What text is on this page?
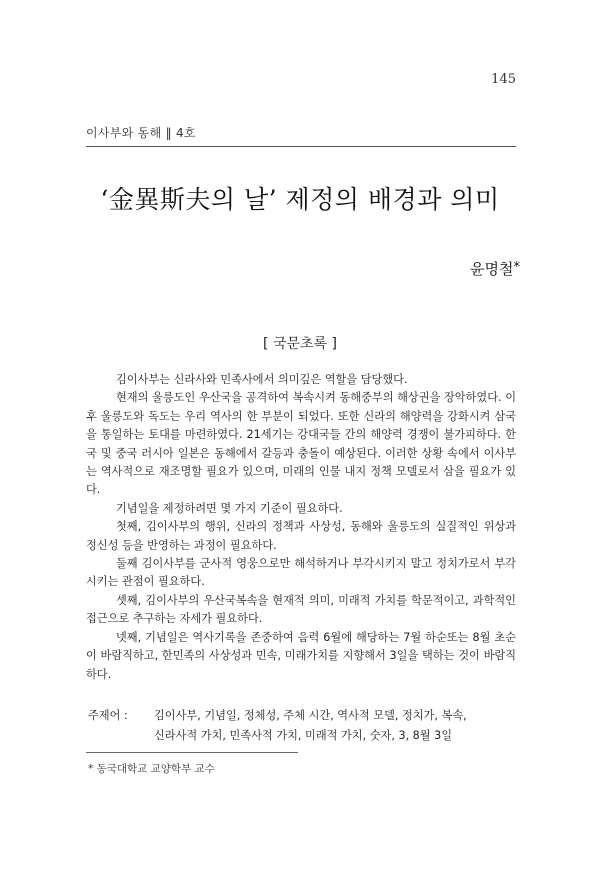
145
이사부와 동해 ‖ 4호
‘金異斯夫의 날’ 제정의 배경과 의미
윤명철*
[ 국문초록 ]

김이사부는 신라사와 민족사에서 의미깊은 역할을 담당했다.

현재의 울릉도인 우산국을 공격하여 복속시켜 동해중부의 해상권을 장악하였다. 이후 울릉도와 독도는 우리 역사의 한 부분이 되었다. 또한 신라의 해양력을 강화시켜 삼국을 통일하는 토대를 마련하였다. 21세기는 강대국들 간의 해양력 경쟁이 불가피하다. 한국 및 중국 러시아 일본은 동해에서 갈등과 충돌이 예상된다. 이러한 상황 속에서 이사부는 역사적으로 재조명할 필요가 있으며, 미래의 인물 내지 정책 모델로서 삼을 필요가 있다.

기념일을 제정하려면 몇 가지 기준이 필요하다.

첫째, 김이사부의 행위, 신라의 정책과 사상성, 동해와 울릉도의 실질적인 위상과 정신성 등을 반영하는 과정이 필요하다.

둘째 김이사부를 군사적 영웅으로만 해석하거나 부각시키지 말고 정치가로서 부각시키는 관점이 필요하다.

셋째, 김이사부의 우산국복속을 현재적 의미, 미래적 가치를 학문적이고, 과학적인 접근으로 추구하는 자세가 필요하다.

넷째, 기념일은 역사기록을 존중하여 음력 6월에 해당하는 7월 하순또는 8월 초순이 바람직하고, 한민족의 사상성과 민속, 미래가치를 지향해서 3일을 택하는 것이 바람직하다.

주제어 :	김이사부, 기념일, 정체성, 주체 시간, 역사적 모델, 정치가, 복속,
신라사적 가치, 민족사적 가치, 미래적 가치, 숫자, 3, 8월 3일
* 동국대학교 교양학부 교수
